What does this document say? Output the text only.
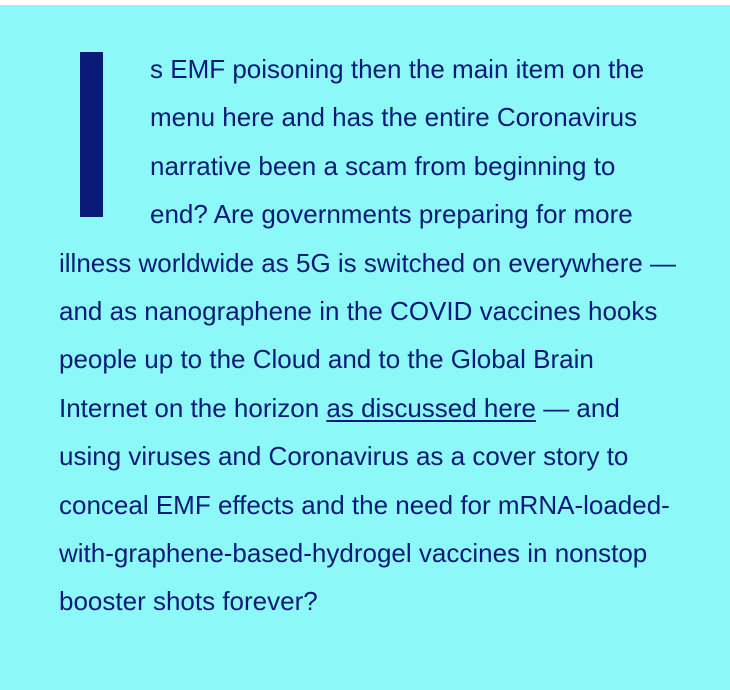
s EMF poisoning then the main item on the menu here and has the entire Coronavirus narrative been a scam from beginning to end? Are governments preparing for more illness worldwide as 5G is switched on everywhere — and as nanographene in the COVID vaccines hooks people up to the Cloud and to the Global Brain Internet on the horizon as discussed here — and using viruses and Coronavirus as a cover story to conceal EMF effects and the need for mRNA-loaded-with-graphene-based-hydrogel vaccines in nonstop booster shots forever?
